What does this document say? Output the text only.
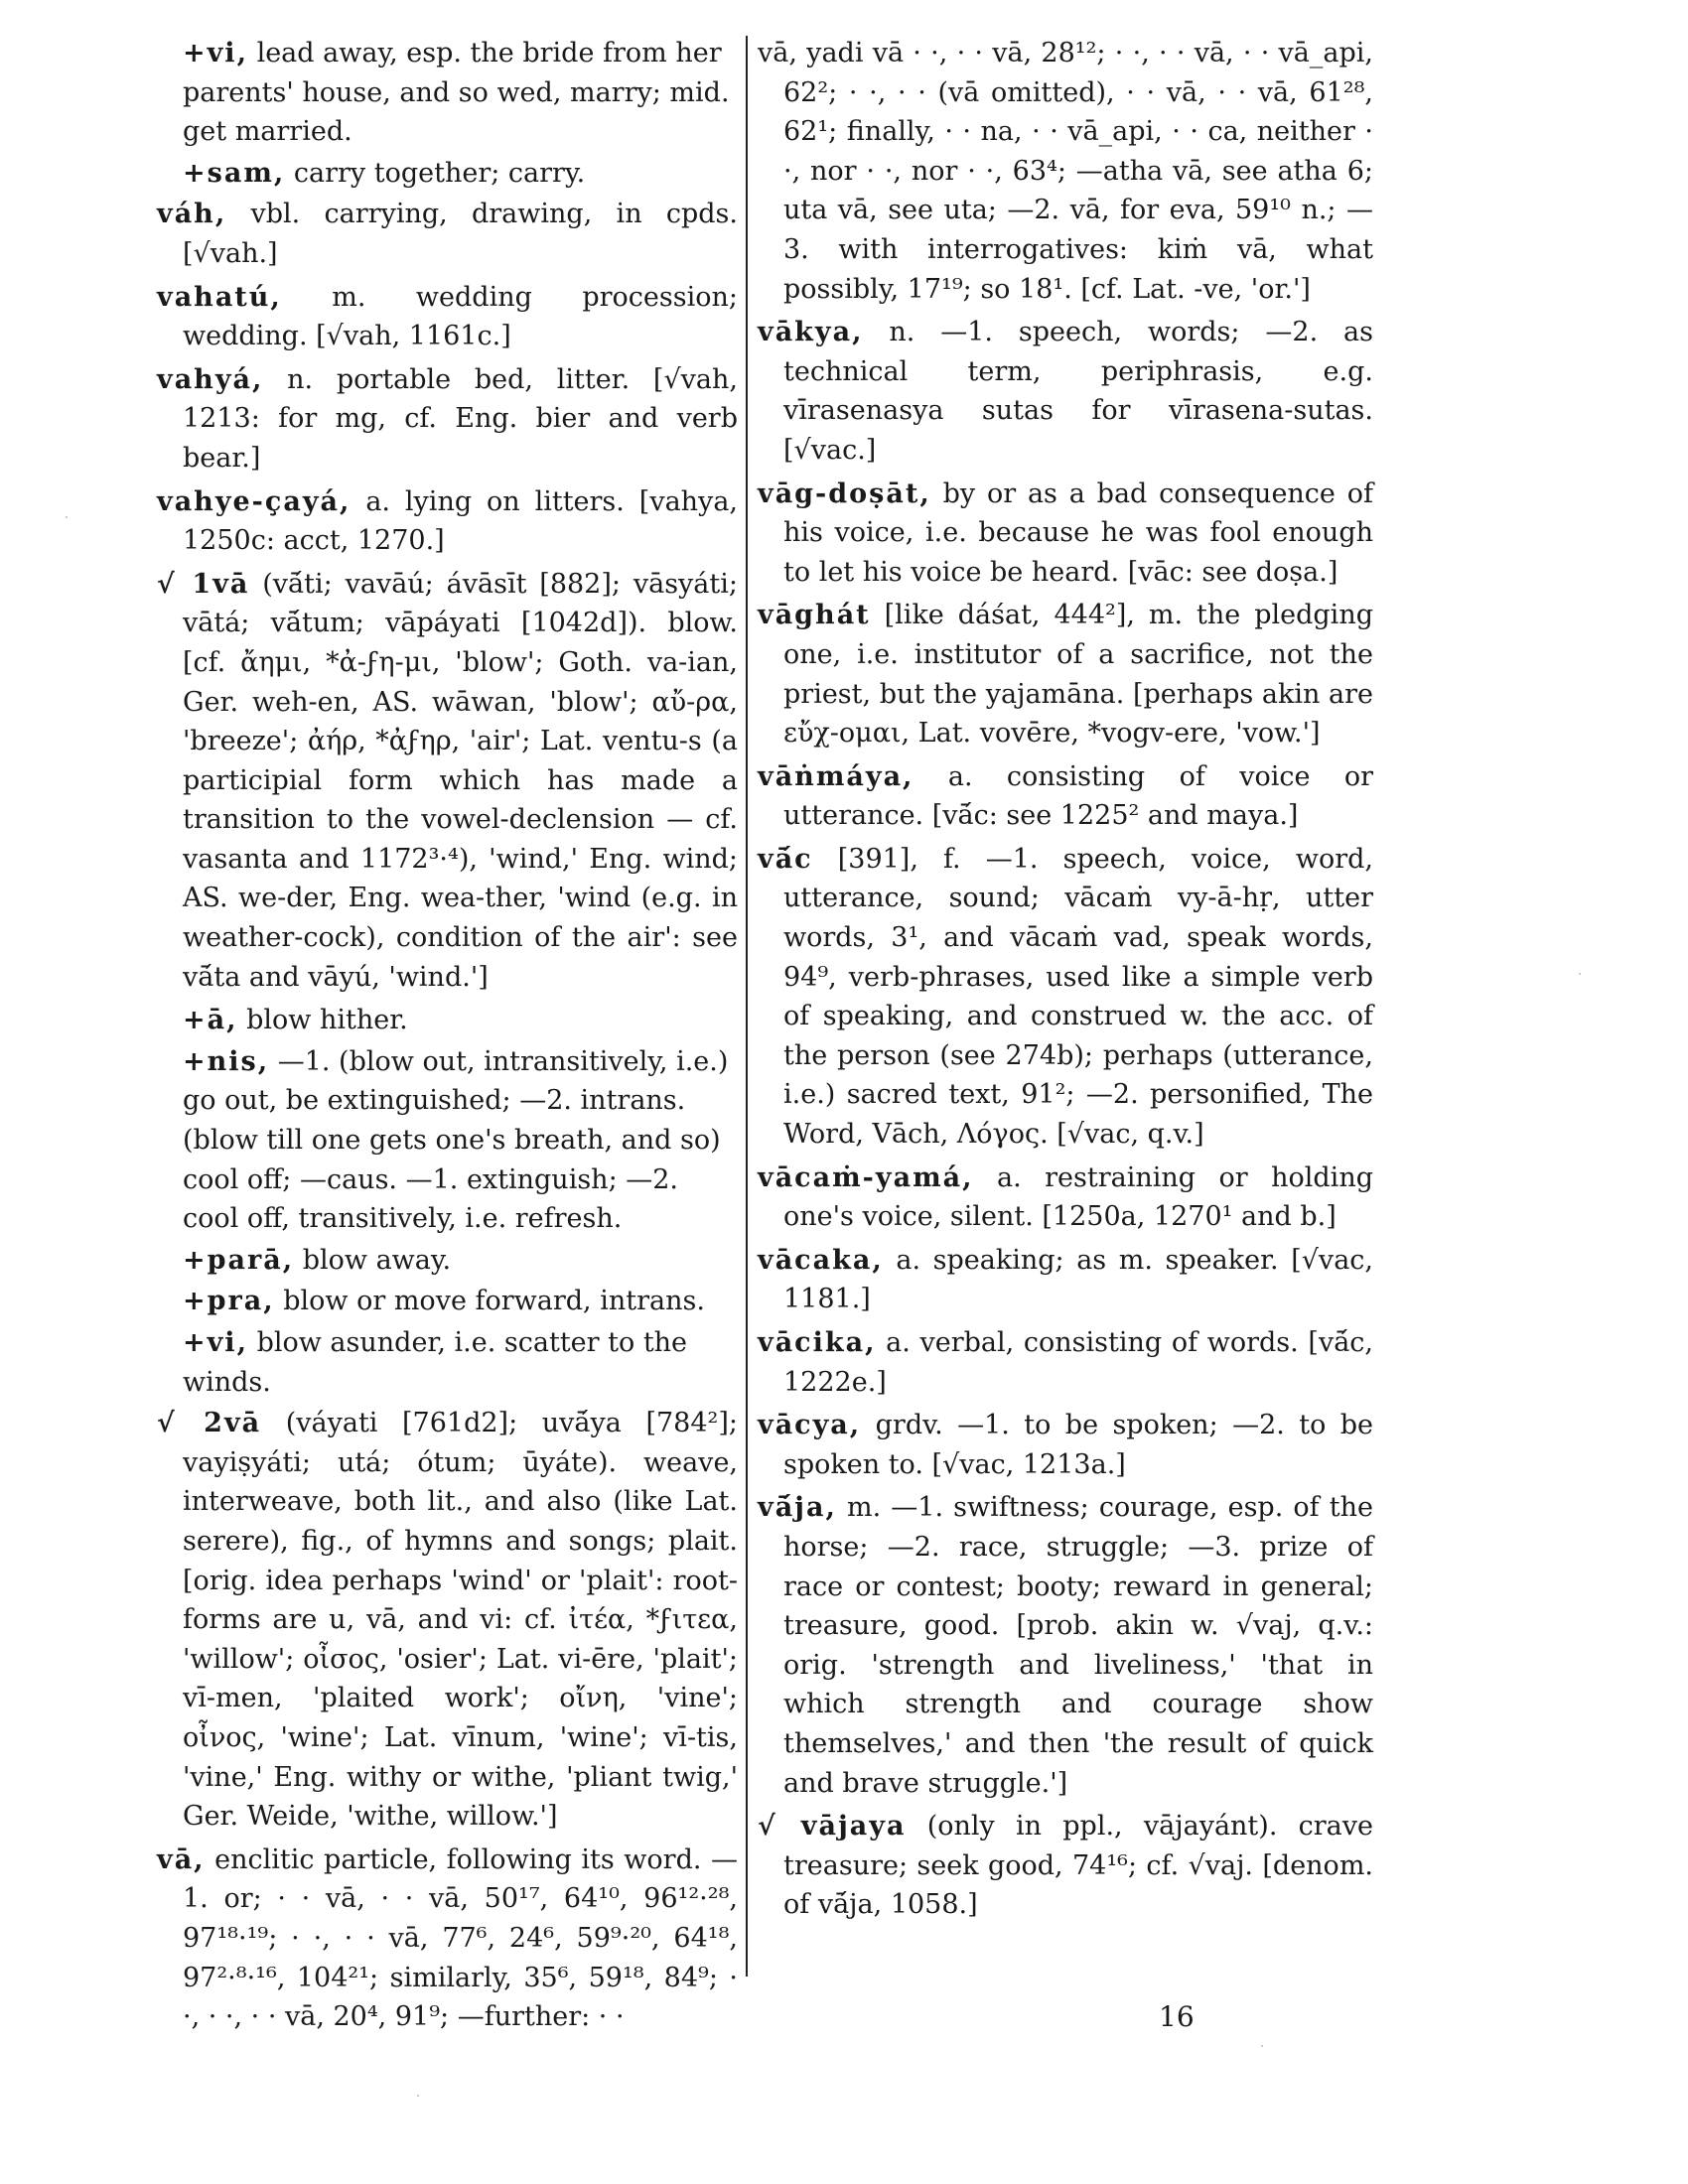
+vi, lead away, esp. the bride from her parents' house, and so wed, marry; mid. get married.

+sam, carry together; carry.

váh, vbl. carrying, drawing, in cpds. [√vah.]

vahatú, m. wedding procession; wedding. [√vah, 1161c.]

vahyá, n. portable bed, litter. [√vah, 1213: for mg, cf. Eng. bier and verb bear.]

vahye-çayá, a. lying on litters. [vahya, 1250c: acct, 1270.]

√ 1vā (vā́ti; vavāú; ávāsīt [882]; vāsyáti; vātá; vā́tum; vāpáyati [1042d]). blow. [cf. ἄημι, *ἀ-ϝη-μι, 'blow'; Goth. va-ian, Ger. weh-en, AS. wāwan, 'blow'; αὔ-ρα, 'breeze'; ἀήρ, *ἀϝηρ, 'air'; Lat. ventu-s (a participial form which has made a transition to the vowel-declension — cf. vasanta and 1172³·⁴), 'wind,' Eng. wind; AS. we-der, Eng. wea-ther, 'wind (e.g. in weather-cock), condition of the air': see vā́ta and vāyú, 'wind.']

+ā, blow hither.

+nis, —1. (blow out, intransitively, i.e.) go out, be extinguished; —2. intrans. (blow till one gets one's breath, and so) cool off; —caus. —1. extinguish; —2. cool off, transitively, i.e. refresh.

+parā, blow away.

+pra, blow or move forward, intrans.

+vi, blow asunder, i.e. scatter to the winds.

√ 2vā (váyati [761d2]; uvā́ya [784²]; vayiṣyáti; utá; ótum; ūyáte). weave, interweave, both lit., and also (like Lat. serere), fig., of hymns and songs; plait. [orig. idea perhaps 'wind' or 'plait': root-forms are u, vā, and vi: cf. ἰτέα, *ϝιτεα, 'willow'; οἶσος, 'osier'; Lat. vi-ēre, 'plait'; vī-men, 'plaited work'; οἴνη, 'vine'; οἶνος, 'wine'; Lat. vīnum, 'wine'; vī-tis, 'vine,' Eng. withy or withe, 'pliant twig,' Ger. Weide, 'withe, willow.']

vā, enclitic particle, following its word. —1. or; · · vā, · · vā, 50¹⁷, 64¹⁰, 96¹²·²⁸, 97¹⁸·¹⁹; · ·, · · vā, 77⁶, 24⁶, 59⁹·²⁰, 64¹⁸, 97²·⁸·¹⁶, 104²¹; similarly, 35⁶, 59¹⁸, 84⁹; · ·, · ·, · · vā, 20⁴, 91⁹; —further: · ·

vā, yadi vā · ·, · · vā, 28¹²; · ·, · · vā, · · vā_api, 62²; · ·, · · (vā omitted), · · vā, · · vā, 61²⁸, 62¹; finally, · · na, · · vā_api, · · ca, neither · ·, nor · ·, nor · ·, 63⁴; —atha vā, see atha 6; uta vā, see uta; —2. vā, for eva, 59¹⁰ n.; —3. with interrogatives: kiṁ vā, what possibly, 17¹⁹; so 18¹. [cf. Lat. -ve, 'or.']

vākya, n. —1. speech, words; —2. as technical term, periphrasis, e.g. vīrasenasya sutas for vīrasena-sutas. [√vac.]

vāg-doṣāt, by or as a bad consequence of his voice, i.e. because he was fool enough to let his voice be heard. [vāc: see doṣa.]

vāghát [like dáśat, 444²], m. the pledging one, i.e. institutor of a sacrifice, not the priest, but the yajamāna. [perhaps akin are εὔχ-ομαι, Lat. vovēre, *vogv-ere, 'vow.']

vāṅmáya, a. consisting of voice or utterance. [vā́c: see 1225² and maya.]

vā́c [391], f. —1. speech, voice, word, utterance, sound; vācaṁ vy-ā-hṛ, utter words, 3¹, and vācaṁ vad, speak words, 94⁹, verb-phrases, used like a simple verb of speaking, and construed w. the acc. of the person (see 274b); perhaps (utterance, i.e.) sacred text, 91²; —2. personified, The Word, Vāch, Λόγος. [√vac, q.v.]

vācaṁ-yamá, a. restraining or holding one's voice, silent. [1250a, 1270¹ and b.]

vācaka, a. speaking; as m. speaker. [√vac, 1181.]

vācika, a. verbal, consisting of words. [vā́c, 1222e.]

vācya, grdv. —1. to be spoken; —2. to be spoken to. [√vac, 1213a.]

vā́ja, m. —1. swiftness; courage, esp. of the horse; —2. race, struggle; —3. prize of race or contest; booty; reward in general; treasure, good. [prob. akin w. √vaj, q.v.: orig. 'strength and liveliness,' 'that in which strength and courage show themselves,' and then 'the result of quick and brave struggle.']

√ vājaya (only in ppl., vājayánt). crave treasure; seek good, 74¹⁶; cf. √vaj. [denom. of vā́ja, 1058.]

16
